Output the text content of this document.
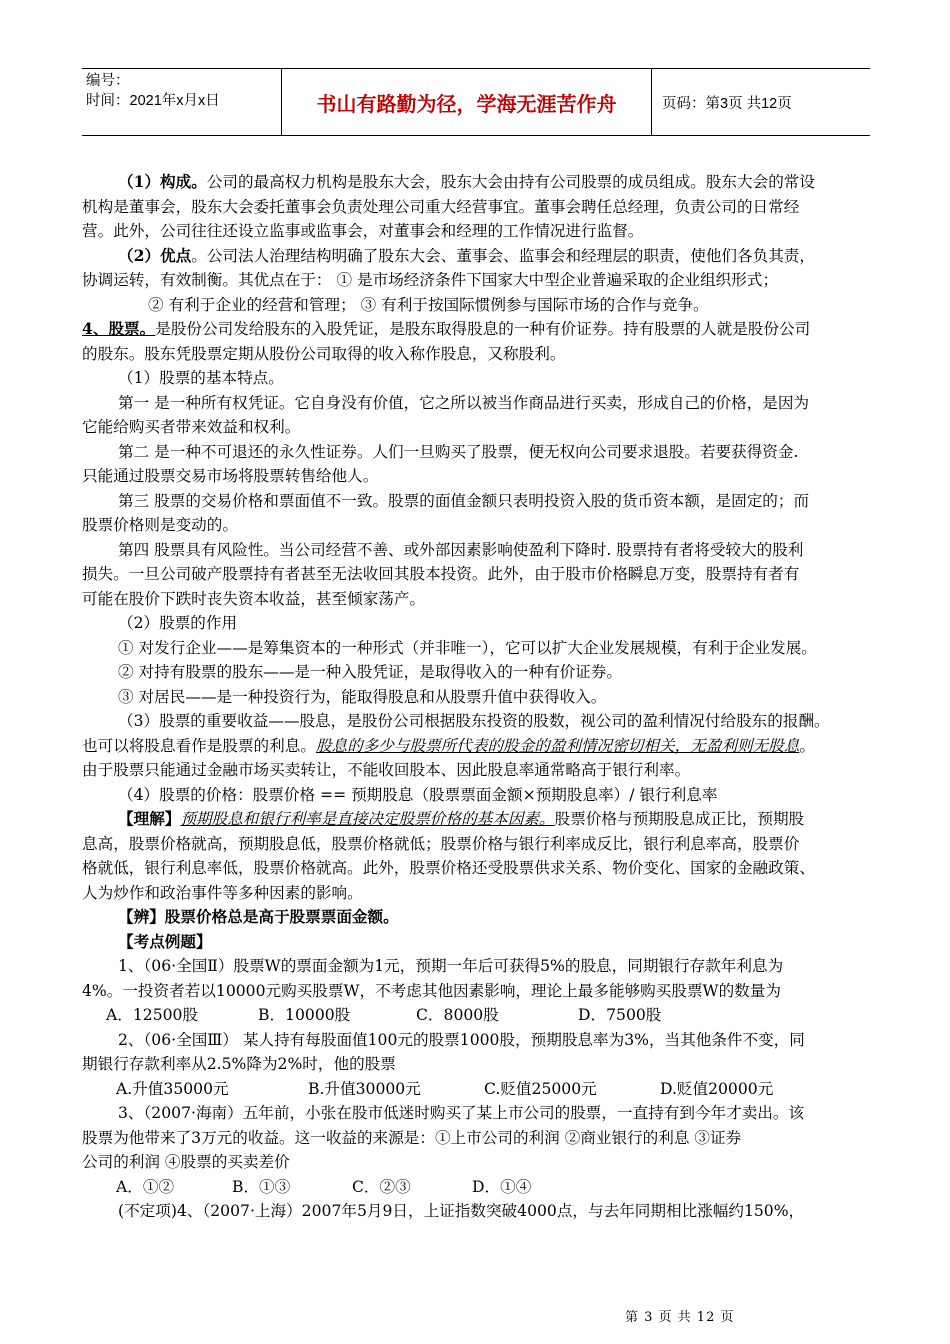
编号：
时间：2021年x月x日	书山有路勤为径，学海无涯苦作舟	页码：第3页 共12页
（1）构成。公司的最高权力机构是股东大会，股东大会由持有公司股票的成员组成。股东大会的常设
机构是董事会，股东大会委托董事会负责处理公司重大经营事宜。董事会聘任总经理，负责公司的日常经
营。此外，公司往往还设立监事或监事会，对董事会和经理的工作情况进行监督。
（2）优点。公司法人治理结构明确了股东大会、董事会、监事会和经理层的职责，使他们各负其责，
协调运转，有效制衡。其优点在于： ① 是市场经济条件下国家大中型企业普遍采取的企业组织形式；
② 有利于企业的经营和管理； ③ 有利于按国际惯例参与国际市场的合作与竞争。
4、股票。是股份公司发给股东的入股凭证，是股东取得股息的一种有价证券。持有股票的人就是股份公司
的股东。股东凭股票定期从股份公司取得的收入称作股息，又称股利。
（1）股票的基本特点。
第一 是一种所有权凭证。它自身没有价值，它之所以被当作商品进行买卖，形成自己的价格，是因为
它能给购买者带来效益和权利。
第二 是一种不可退还的永久性证券。人们一旦购买了股票，便无权向公司要求退股。若要获得资金.
只能通过股票交易市场将股票转售给他人。
第三 股票的交易价格和票面值不一致。股票的面值金额只表明投资入股的货币资本额，是固定的；而
股票价格则是变动的。
第四 股票具有风险性。当公司经营不善、或外部因素影响使盈利下降时. 股票持有者将受较大的股利
损失。一旦公司破产股票持有者甚至无法收回其股本投资。此外，由于股市价格瞬息万变，股票持有者有
可能在股价下跌时丧失资本收益，甚至倾家荡产。
（2）股票的作用
① 对发行企业——是筹集资本的一种形式（并非唯一），它可以扩大企业发展规模，有利于企业发展。
② 对持有股票的股东——是一种入股凭证，是取得收入的一种有价证券。
③ 对居民——是一种投资行为，能取得股息和从股票升值中获得收入。
（3）股票的重要收益——股息，是股份公司根据股东投资的股数，视公司的盈利情况付给股东的报酬。
也可以将股息看作是股票的利息。股息的多少与股票所代表的股金的盈利情况密切相关，无盈利则无股息。
由于股票只能通过金融市场买卖转让，不能收回股本、因此股息率通常略高于银行利率。
（4）股票的价格：股票价格 == 预期股息（股票票面金额×预期股息率）/ 银行利息率
【理解】预期股息和银行利率是直接决定股票价格的基本因素。股票价格与预期股息成正比，预期股
息高，股票价格就高，预期股息低，股票价格就低；股票价格与银行利率成反比，银行利息率高，股票价
格就低，银行利息率低，股票价格就高。此外，股票价格还受股票供求关系、物价变化、国家的金融政策、
人为炒作和政治事件等多种因素的影响。
【辨】股票价格总是高于股票票面金额。
【考点例题】
1、（06·全国Ⅱ）股票W的票面金额为1元，预期一年后可获得5%的股息，同期银行存款年利息为
4%。一投资者若以10000元购买股票W，不考虑其他因素影响，理论上最多能够购买股票W的数量为
A．12500股	B．10000股	C．8000股	D．7500股
2、（06·全国Ⅲ） 某人持有每股面值100元的股票1000股，预期股息率为3%，当其他条件不变，同
期银行存款利率从2.5%降为2%时，他的股票
A.升值35000元	B.升值30000元	C.贬值25000元	D.贬值20000元
3、（2007·海南）五年前，小张在股市低迷时购买了某上市公司的股票，一直持有到今年才卖出。该
股票为他带来了3万元的收益。这一收益的来源是：①上市公司的利润 ②商业银行的利息 ③证券
公司的利润 ④股票的买卖差价
A．①②	B．①③	C．②③	D．①④
(不定项)4、（2007·上海）2007年5月9日，上证指数突破4000点，与去年同期相比涨幅约150%，
第 3 页 共 12 页
